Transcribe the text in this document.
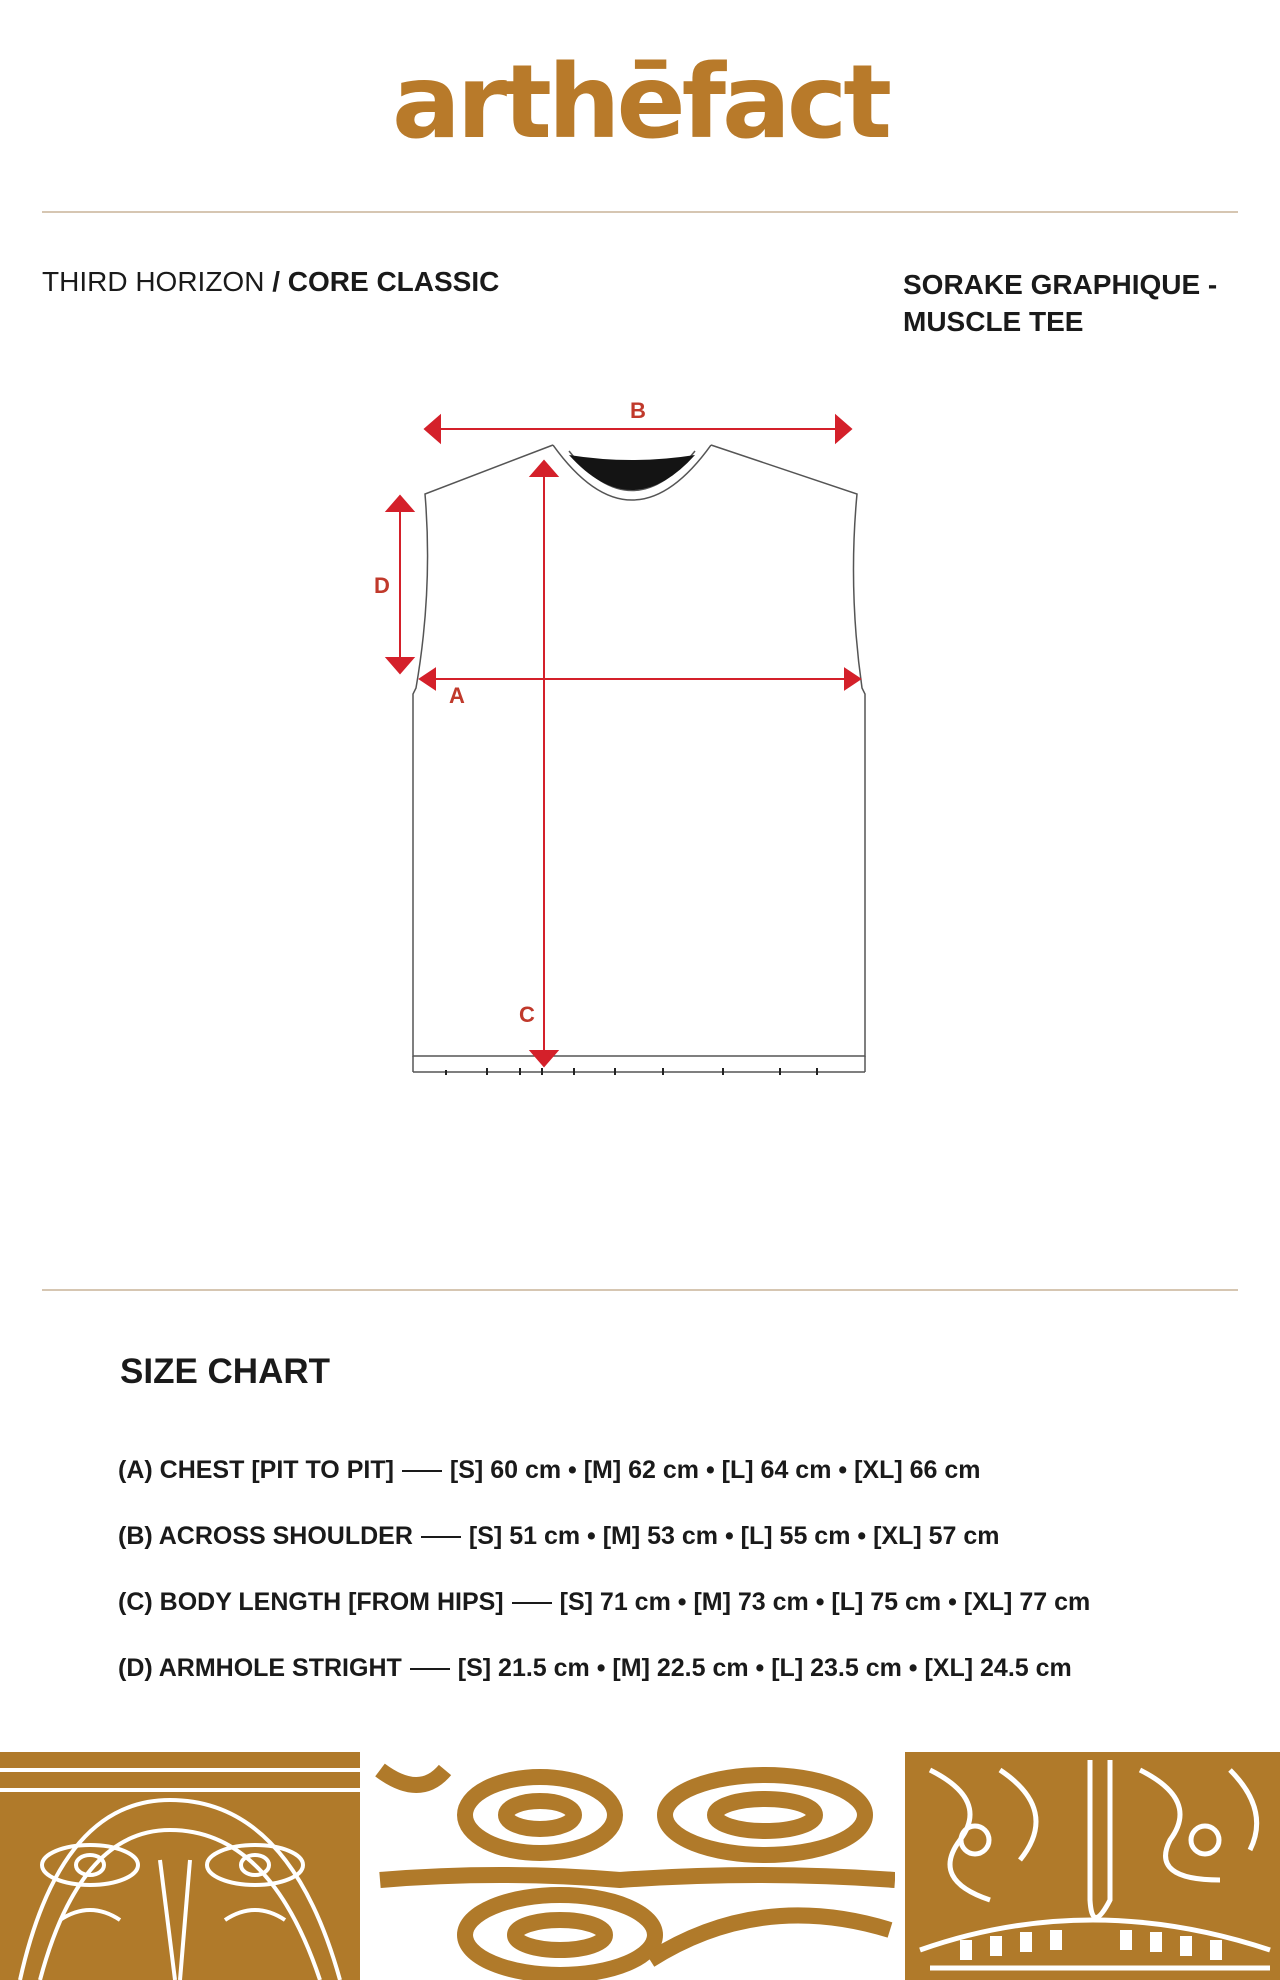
arthēfact
THIRD HORIZON / CORE CLASSIC	SORAKE GRAPHIQUE -
MUSCLE TEE
B
D
A
C
SIZE CHART
(A) CHEST [PIT TO PIT] [S] 60 cm • [M] 62 cm • [L] 64 cm • [XL] 66 cm
(B) ACROSS SHOULDER [S] 51 cm • [M] 53 cm • [L] 55 cm • [XL] 57 cm
(C) BODY LENGTH [FROM HIPS] [S] 71 cm • [M] 73 cm • [L] 75 cm • [XL] 77 cm
(D) ARMHOLE STRIGHT [S] 21.5 cm • [M] 22.5 cm • [L] 23.5 cm • [XL] 24.5 cm
